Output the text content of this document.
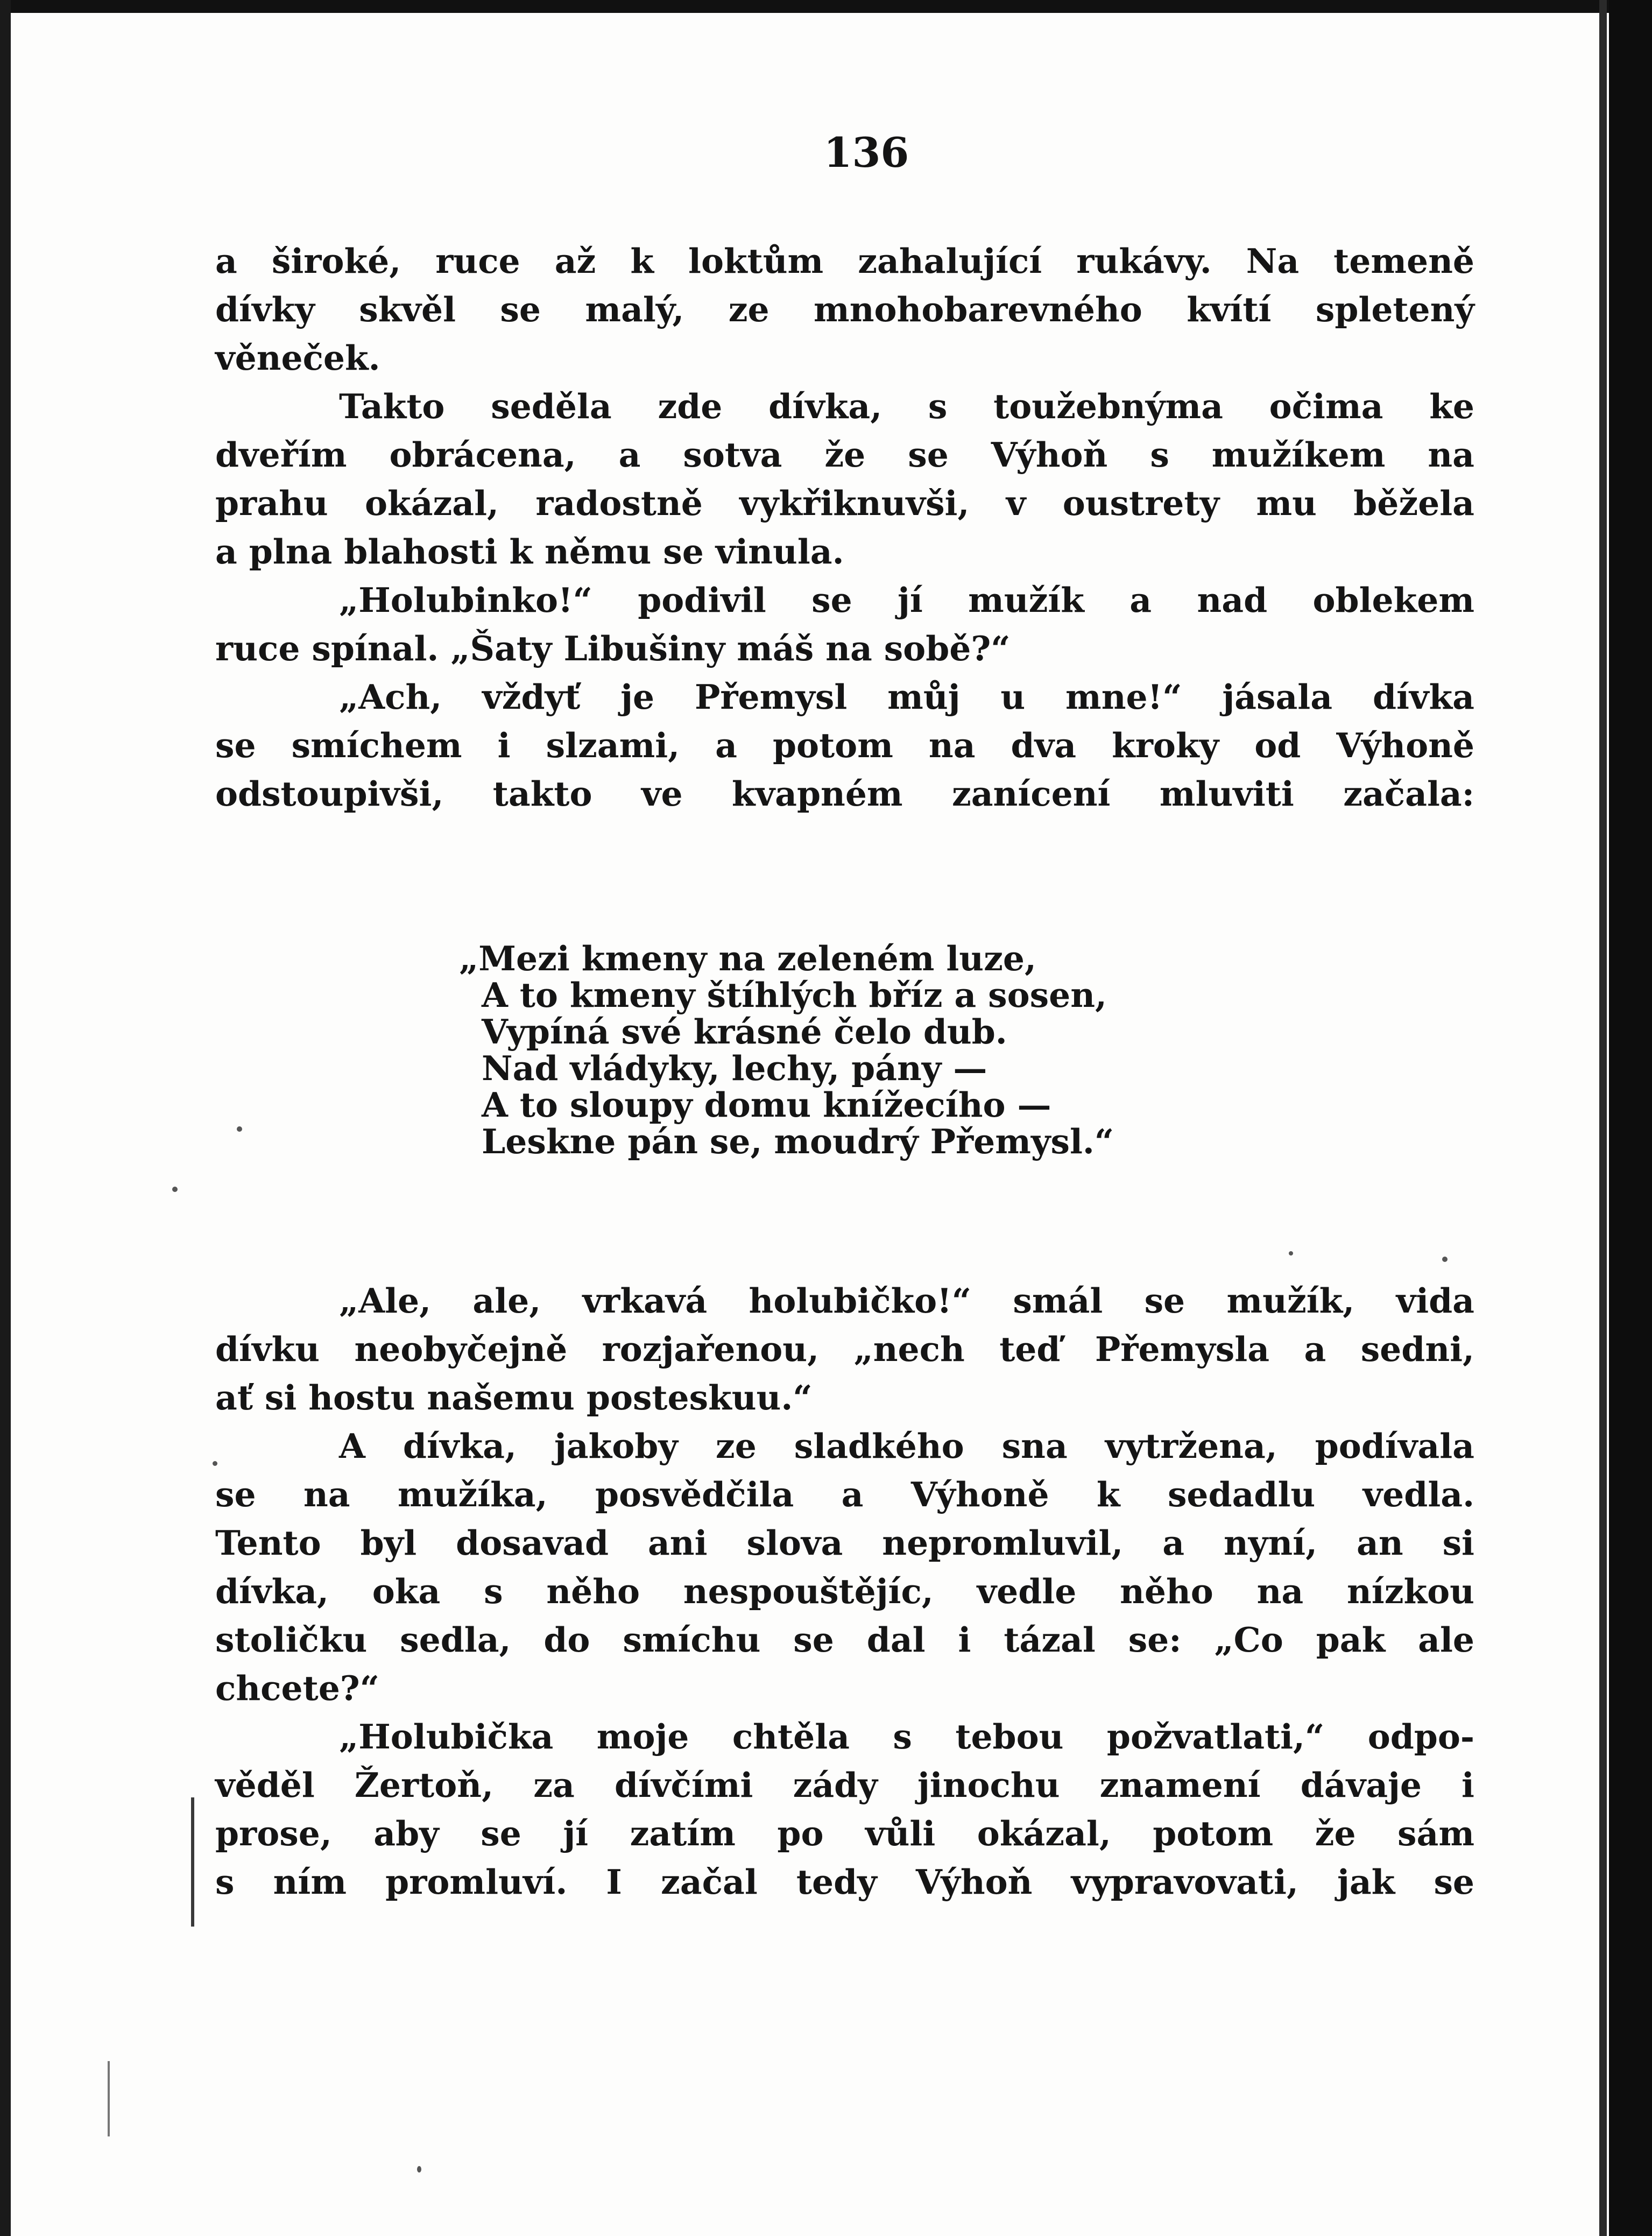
136
a široké, ruce až k loktům zahalující rukávy. Na temeně
dívky skvěl se malý, ze mnohobarevného kvítí spletený
věneček.
Takto seděla zde dívka, s toužebnýma očima ke
dveřím obrácena, a sotva že se Výhoň s mužíkem na
prahu okázal, radostně vykřiknuvši, v oustrety mu běžela
a plna blahosti k němu se vinula.
„Holubinko!“ podivil se jí mužík a nad oblekem
ruce spínal. „Šaty Libušiny máš na sobě?“
„Ach, vždyť je Přemysl můj u mne!“ jásala dívka
se smíchem i slzami, a potom na dva kroky od Výhoně
odstoupivši, takto ve kvapném zanícení mluviti začala:
„Mezi kmeny na zeleném luze,
A to kmeny štíhlých bříz a sosen,
Vypíná své krásné čelo dub.
Nad vládyky, lechy, pány —
A to sloupy domu knížecího —
Leskne pán se, moudrý Přemysl.“
„Ale, ale, vrkavá holubičko!“ smál se mužík, vida
dívku neobyčejně rozjařenou, „nech teď Přemysla a sedni,
ať si hostu našemu posteskuu.“
A dívka, jakoby ze sladkého sna vytržena, podívala
se na mužíka, posvědčila a Výhoně k sedadlu vedla.
Tento byl dosavad ani slova nepromluvil, a nyní, an si
dívka, oka s něho nespouštějíc, vedle něho na nízkou
stoličku sedla, do smíchu se dal i tázal se: „Co pak ale
chcete?“
„Holubička moje chtěla s tebou požvatlati,“ odpo-
věděl Žertoň, za dívčími zády jinochu znamení dávaje i
prose, aby se jí zatím po vůli okázal, potom že sám
s ním promluví. I začal tedy Výhoň vypravovati, jak se
